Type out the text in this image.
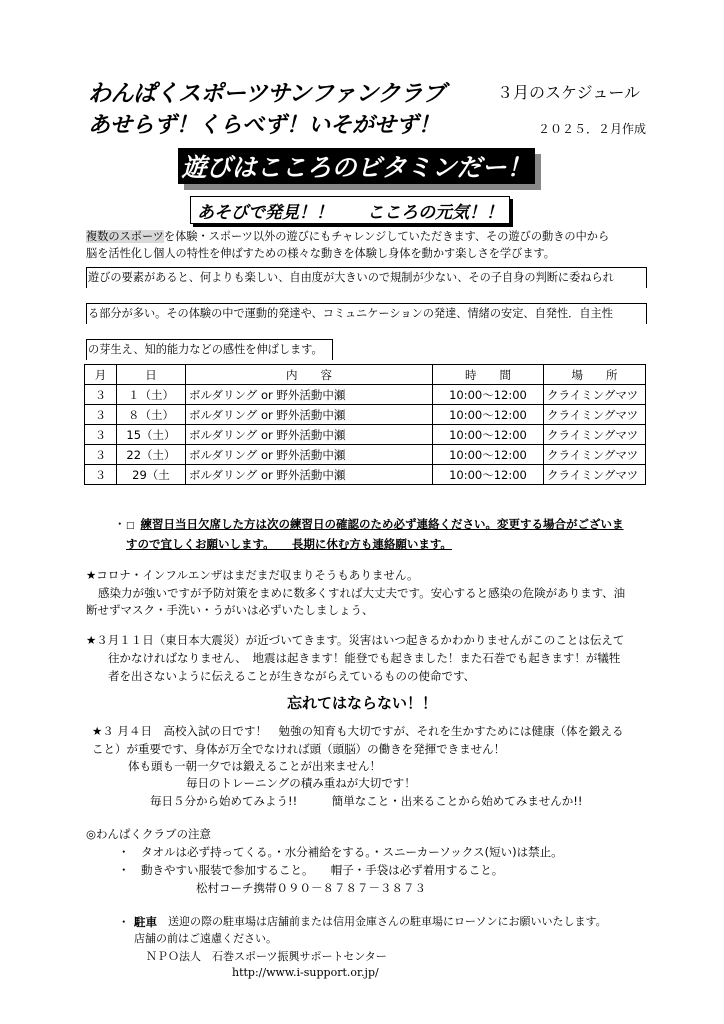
わんぱくスポーツサンファンクラブ	３月のスケジュール
あせらず！くらべず！いそがせず！	２０２５．２月作成
遊びはこころのビタミンだー！
あそびで発見！！　　こころの元気！！
複数のスポーツを体験・スポーツ以外の遊びにもチャレンジしていただきます、その遊びの動きの中から
脳を活性化し個人の特性を伸ばすための様々な動きを体験し身体を動かす楽しさを学びます。
遊びの要素があると、何よりも楽しい、自由度が大きいので規制が少ない、その子自身の判断に委ねられ
る部分が多い。その体験の中で運動的発達や、コミュニケーションの発達、情緒の安定、自発性．自主性
の芽生え、知的能力などの感性を伸ばします。
月	日	内　　容	時　　間	場　　所
３	１（土）	ボルダリング or 野外活動中瀬	10:00～12:00	クライミングマツ
３	８（土）	ボルダリング or 野外活動中瀬	10:00～12:00	クライミングマツ
３	15（土）	ボルダリング or 野外活動中瀬	10:00～12:00	クライミングマツ
３	22（土）	ボルダリング or 野外活動中瀬	10:00～12:00	クライミングマツ
３	29（土	ボルダリング or 野外活動中瀬	10:00～12:00	クライミングマツ
・ □ 練習日当日欠席した方は次の練習日の確認のため必ず連絡ください。変更する場合がございま
すので宜しくお願いします。　　長期に休む方も連絡願います。
★コロナ・インフルエンザはまだまだ収まりそうもありません。
感染力が強いですが予防対策をまめに数多くすれば大丈夫です。安心すると感染の危険があります、油
断せずマスク・手洗い・うがいは必ずいたしましょう、
★３月１１日（東日本大震災）が近づいてきます。災害はいつ起きるかわかりませんがこのことは伝えて
往かなければなりません、　地震は起きます！能登でも起きました！また石巻でも起きます！が犠牲
者を出さないように伝えることが生きながらえているものの使命です、
忘れてはならない！！
★３ 月４日　高校入試の日です！　勉強の知育も大切ですが、それを生かすためには健康（体を鍛える
こと）が重要です、身体が万全でなければ頭（頭脳）の働きを発揮できません！
体も頭も一朝一夕では鍛えることが出来ません！
毎日のトレーニングの積み重ねが大切です！
毎日５分から始めてみよう!!　　　簡単なこと・出来ることから始めてみませんか!!
◎わんぱくクラブの注意
・　タオルは必ず持ってくる。・水分補給をする。・スニーカーソックス(短い)は禁止。
・　動きやすい服装で参加すること。　　帽子・手袋は必ず着用すること。
松村コーチ携帯０９０－８７８７－３８７３
・ 駐車 送迎の際の駐車場は店舗前または信用金庫さんの駐車場にローソンにお願いいたします。
店舗の前はご遠慮ください。
ＮＰＯ法人　石巻スポーツ振興サポートセンター
http://www.i-support.or.jp/
